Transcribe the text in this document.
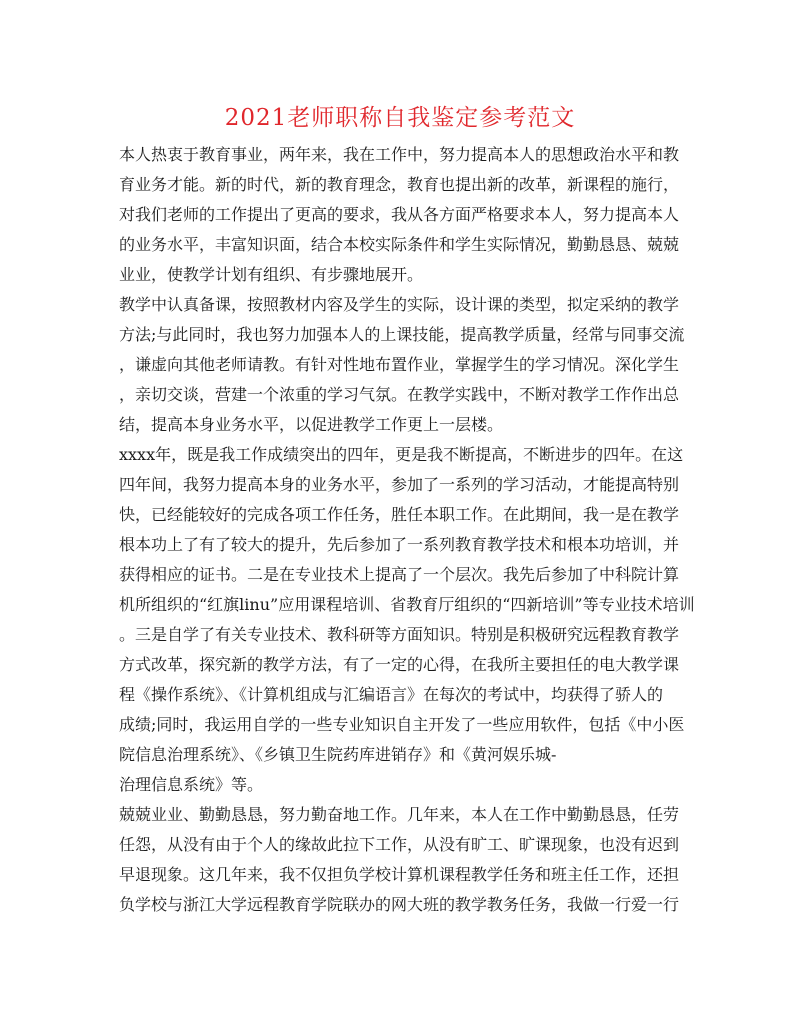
2021老师职称自我鉴定参考范文
本人热衷于教育事业，两年来，我在工作中，努力提高本人的思想政治水平和教
育业务才能。新的时代，新的教育理念，教育也提出新的改革，新课程的施行，
对我们老师的工作提出了更高的要求，我从各方面严格要求本人，努力提高本人
的业务水平，丰富知识面，结合本校实际条件和学生实际情况，勤勤恳恳、兢兢
业业，使教学计划有组织、有步骤地展开。
教学中认真备课，按照教材内容及学生的实际，设计课的类型，拟定采纳的教学
方法;与此同时，我也努力加强本人的上课技能，提高教学质量，经常与同事交流
，谦虚向其他老师请教。有针对性地布置作业，掌握学生的学习情况。深化学生
，亲切交谈，营建一个浓重的学习气氛。在教学实践中，不断对教学工作作出总
结，提高本身业务水平，以促进教学工作更上一层楼。
xxxx年，既是我工作成绩突出的四年，更是我不断提高，不断进步的四年。在这
四年间，我努力提高本身的业务水平，参加了一系列的学习活动，才能提高特别
快，已经能较好的完成各项工作任务，胜任本职工作。在此期间，我一是在教学
根本功上了有了较大的提升，先后参加了一系列教育教学技术和根本功培训，并
获得相应的证书。二是在专业技术上提高了一个层次。我先后参加了中科院计算
机所组织的“红旗linu”应用课程培训、省教育厅组织的“四新培训”等专业技术培训
。三是自学了有关专业技术、教科研等方面知识。特别是积极研究远程教育教学
方式改革，探究新的教学方法，有了一定的心得，在我所主要担任的电大教学课
程《操作系统》、《计算机组成与汇编语言》在每次的考试中，均获得了骄人的
成绩;同时，我运用自学的一些专业知识自主开发了一些应用软件，包括《中小医
院信息治理系统》、《乡镇卫生院药库进销存》和《黄河娱乐城-
治理信息系统》等。
兢兢业业、勤勤恳恳，努力勤奋地工作。几年来，本人在工作中勤勤恳恳，任劳
任怨，从没有由于个人的缘故此拉下工作，从没有旷工、旷课现象，也没有迟到
早退现象。这几年来，我不仅担负学校计算机课程教学任务和班主任工作，还担
负学校与浙江大学远程教育学院联办的网大班的教学教务任务，我做一行爱一行
